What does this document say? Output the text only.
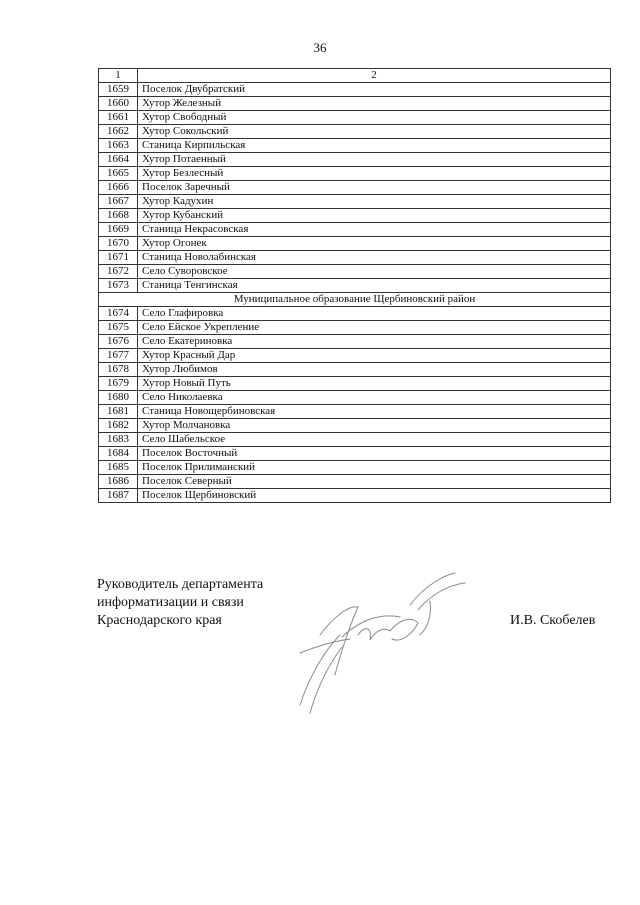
36
1	2
1659	Поселок Двубратский
1660	Хутор Железный
1661	Хутор Свободный
1662	Хутор Сокольский
1663	Станица Кирпильская
1664	Хутор Потаенный
1665	Хутор Безлесный
1666	Поселок Заречный
1667	Хутор Кадухин
1668	Хутор Кубанский
1669	Станица Некрасовская
1670	Хутор Огонек
1671	Станица Новолабинская
1672	Село Суворовское
1673	Станица Тенгинская
Муниципальное образование Щербиновский район	
1674	Село Глафировка
1675	Село Ейское Укрепление
1676	Село Екатериновка
1677	Хутор Красный Дар
1678	Хутор Любимов
1679	Хутор Новый Путь
1680	Село Николаевка
1681	Станица Новощербиновская
1682	Хутор Молчановка
1683	Село Шабельское
1684	Поселок Восточный
1685	Поселок Прилиманский
1686	Поселок Северный
1687	Поселок Щербиновский
Руководитель департамента
информатизации и связи
Краснодарского края	И.В. Скобелев
